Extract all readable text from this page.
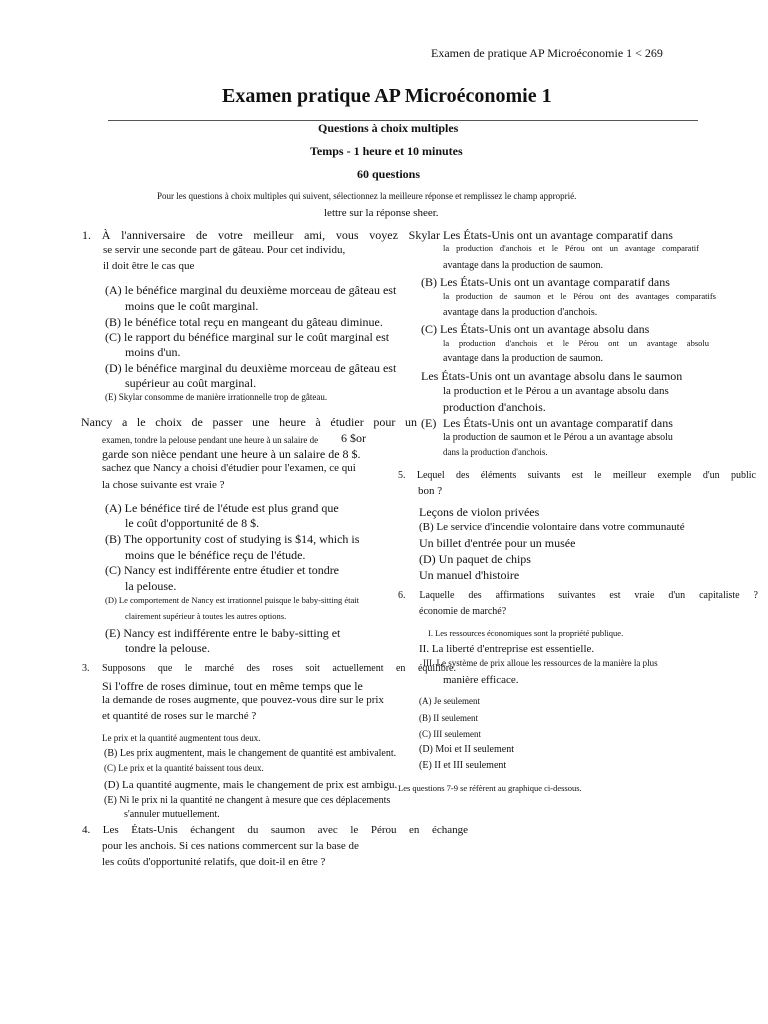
Examen de pratique AP Microéconomie 1 < 269
Examen pratique AP Microéconomie 1
Questions à choix multiples
Temps - 1 heure et 10 minutes
60 questions
Pour les questions à choix multiples qui suivent, sélectionnez la meilleure réponse et remplissez le champ approprié.
lettre sur la réponse sheer.
1. À l'anniversaire de votre meilleur ami, vous voyez Skylar
se servir une seconde part de gâteau. Pour cet individu,
il doit être le cas que
(A) le bénéfice marginal du deuxième morceau de gâteau est
moins que le coût marginal.
(B) le bénéfice total reçu en mangeant du gâteau diminue.
(C) le rapport du bénéfice marginal sur le coût marginal est
moins d'un.
(D) le bénéfice marginal du deuxième morceau de gâteau est
supérieur au coût marginal.
(E) Skylar consomme de manière irrationnelle trop de gâteau.
Nancy a le choix de passer une heure à étudier pour un
examen, tondre la pelouse pendant une heure à un salaire de 6 $or
garde son nièce pendant une heure à un salaire de 8 $.
sachez que Nancy a choisi d'étudier pour l'examen, ce qui
la chose suivante est vraie ?
(A) Le bénéfice tiré de l'étude est plus grand que
le coût d'opportunité de 8 $.
(B) The opportunity cost of studying is $14, which is
moins que le bénéfice reçu de l'étude.
(C) Nancy est indifférente entre étudier et tondre
la pelouse.
(D) Le comportement de Nancy est irrationnel puisque le baby-sitting était
clairement supérieur à toutes les autres options.
(E) Nancy est indifférente entre le baby-sitting et
tondre la pelouse.
3. Supposons que le marché des roses soit actuellement en équilibre.
Si l'offre de roses diminue, tout en même temps que le
la demande de roses augmente, que pouvez-vous dire sur le prix
et quantité de roses sur le marché ?
Le prix et la quantité augmentent tous deux.
(B) Les prix augmentent, mais le changement de quantité est ambivalent.
(C) Le prix et la quantité baissent tous deux.
(D) La quantité augmente, mais le changement de prix est ambigu.
(E) Ni le prix ni la quantité ne changent à mesure que ces déplacements
s'annuler mutuellement.
4. Les États-Unis échangent du saumon avec le Pérou en échange
pour les anchois. Si ces nations commercent sur la base de
les coûts d'opportunité relatifs, que doit-il en être ?
Les États-Unis ont un avantage comparatif dans
la production d'anchois et le Pérou ont un avantage comparatif
avantage dans la production de saumon.
(B) Les États-Unis ont un avantage comparatif dans
la production de saumon et le Pérou ont des avantages comparatifs
avantage dans la production d'anchois.
(C) Les États-Unis ont un avantage absolu dans
la production d'anchois et le Pérou ont un avantage absolu
avantage dans la production de saumon.
Les États-Unis ont un avantage absolu dans le saumon
la production et le Pérou a un avantage absolu dans
production d'anchois.
(E) Les États-Unis ont un avantage comparatif dans
la production de saumon et le Pérou a un avantage absolu
dans la production d'anchois.
5. Lequel des éléments suivants est le meilleur exemple d'un public
bon ?
Leçons de violon privées
(B) Le service d'incendie volontaire dans votre communauté
Un billet d'entrée pour un musée
(D) Un paquet de chips
Un manuel d'histoire
6. Laquelle des affirmations suivantes est vraie d'un capitaliste ?
économie de marché?
I. Les ressources économiques sont la propriété publique.
II. La liberté d'entreprise est essentielle.
III. Le système de prix alloue les ressources de la manière la plus
manière efficace.
(A) Je seulement
(B) II seulement
(C) III seulement
(D) Moi et II seulement
(E) II et III seulement
Les questions 7-9 se réfèrent au graphique ci-dessous.
